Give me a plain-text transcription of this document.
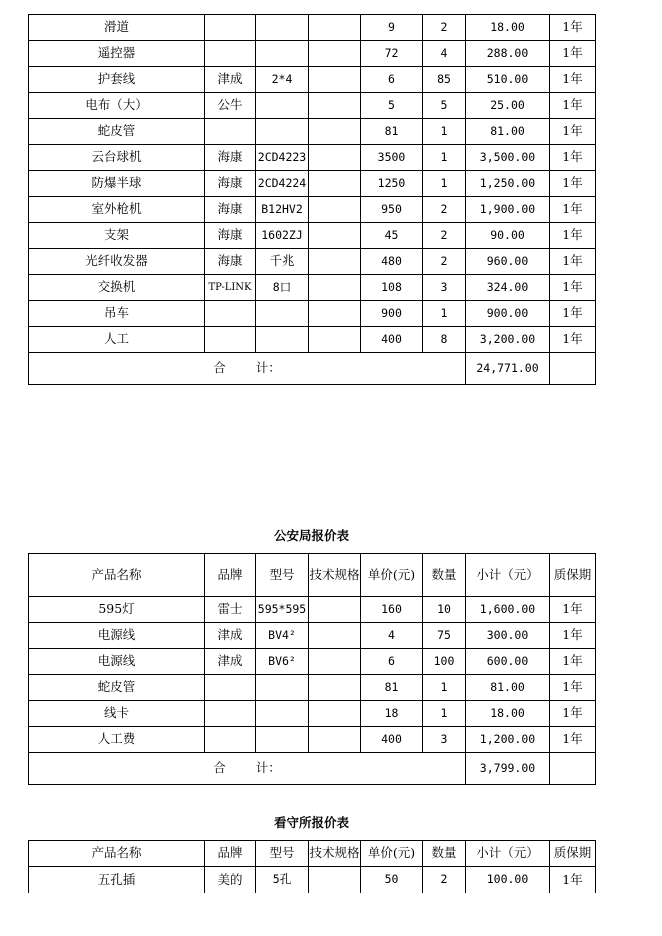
滑道				9	2	18.00	1年
遥控器				72	4	288.00	1年
护套线	津成	2*4		6	85	510.00	1年
电布（大）	公牛			5	5	25.00	1年
蛇皮管				81	1	81.00	1年
云台球机	海康	2CD4223		3500	1	3,500.00	1年
防爆半球	海康	2CD4224		1250	1	1,250.00	1年
室外枪机	海康	B12HV2		950	2	1,900.00	1年
支架	海康	1602ZJ		45	2	90.00	1年
光纤收发器	海康	千兆		480	2	960.00	1年
交换机	TP-LINK	8口		108	3	324.00	1年
吊车				900	1	900.00	1年
人工				400	8	3,200.00	1年
合 计：						24,771.00	
公安局报价表
产品名称	品牌	型号	技术规格	单价(元)	数量	小计（元）	质保期
595灯	雷士	595*595		160	10	1,600.00	1年
电源线	津成	BV4²		4	75	300.00	1年
电源线	津成	BV6²		6	100	600.00	1年
蛇皮管				81	1	81.00	1年
线卡				18	1	18.00	1年
人工费				400	3	1,200.00	1年
合 计：						3,799.00	
看守所报价表
产品名称	品牌	型号	技术规格	单价(元)	数量	小计（元）	质保期
五孔插	美的	5孔		50	2	100.00	1年
